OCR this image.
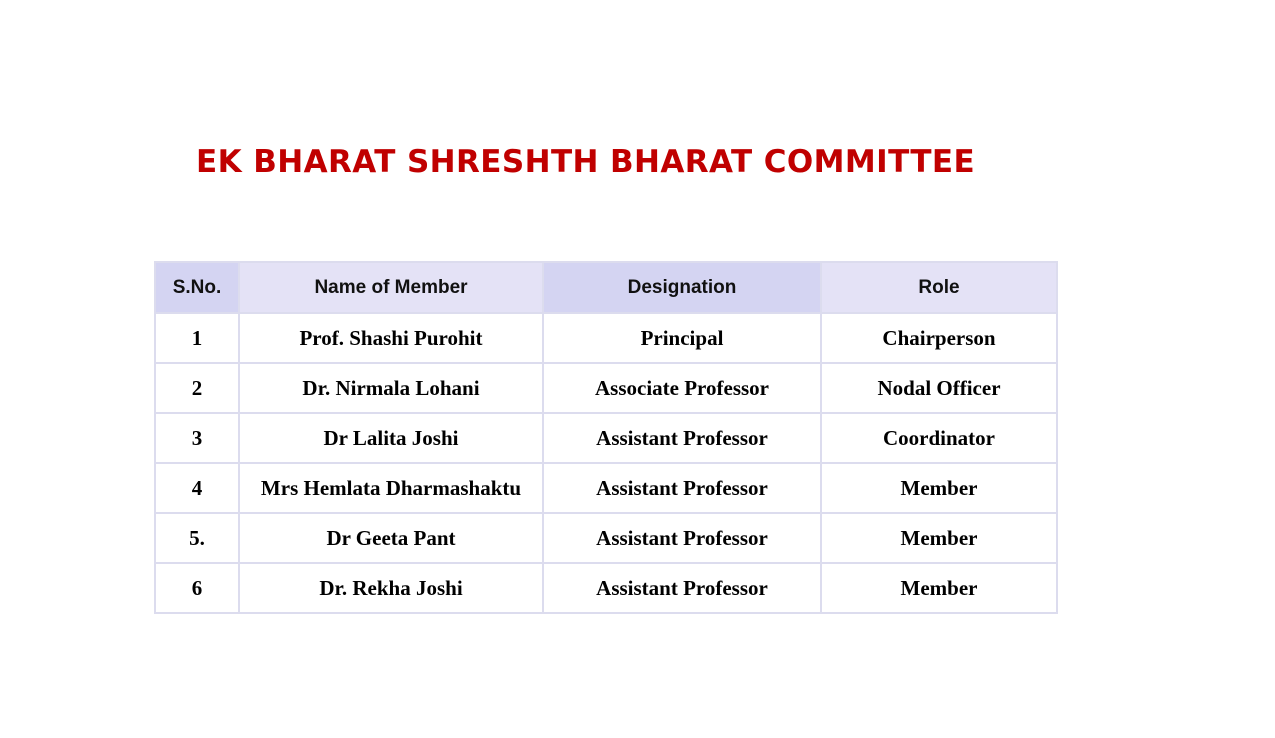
EK BHARAT SHRESHTH BHARAT COMMITTEE
S.No.	Name of Member	Designation	Role
1	Prof. Shashi Purohit	Principal	Chairperson
2	Dr. Nirmala Lohani	Associate Professor	Nodal Officer
3	Dr Lalita Joshi	Assistant Professor	Coordinator
4	Mrs Hemlata Dharmashaktu	Assistant Professor	Member
5.	Dr Geeta Pant	Assistant Professor	Member
6	Dr. Rekha Joshi	Assistant Professor	Member
